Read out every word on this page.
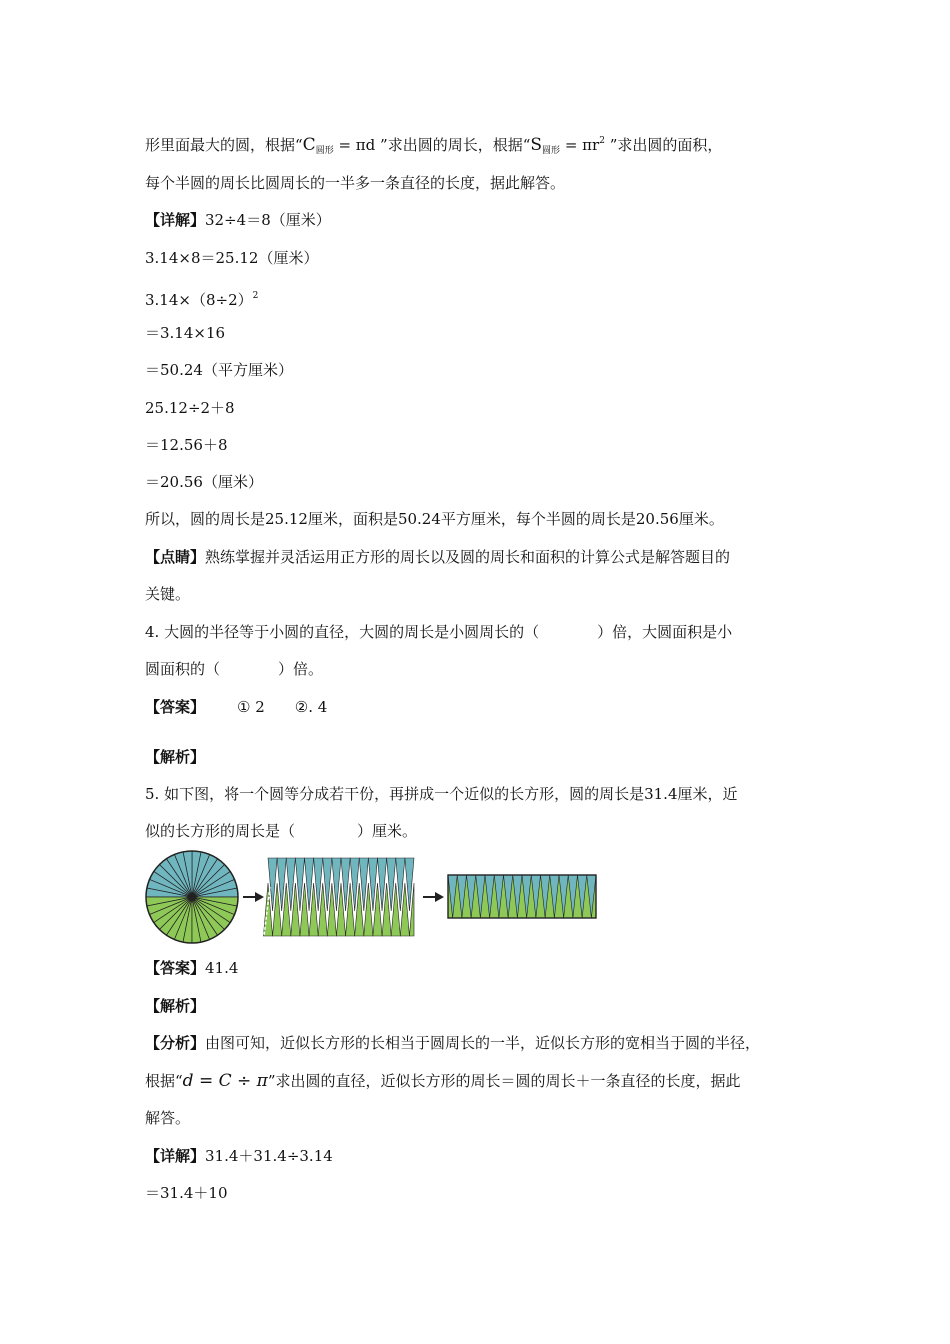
形里面最大的圆，根据“$C_{圆形} = \pi d$ ”求出圆的周长，根据“$S_{圆形} = \pi r^2$ ”求出圆的面积，
每个半圆的周长比圆周长的一半多一条直径的长度，据此解答。
【详解】32÷4＝8（厘米）
3.14×8＝25.12（厘米）
$3.14\times(8\div 2)^2$
＝3.14×16
＝50.24（平方厘米）
25.12÷2＋8
＝12.56＋8
＝20.56（厘米）
所以，圆的周长是25.12厘米，面积是50.24平方厘米，每个半圆的周长是20.56厘米。
【点睛】熟练掌握并灵活运用正方形的周长以及圆的周长和面积的计算公式是解答题目的
关键。
4. 大圆的半径等于小圆的直径，大圆的周长是小圆周长的（	）倍，大圆面积是小
圆面积的（	）倍。
【答案】 ① 2 ②. 4
【解析】
5. 如下图，将一个圆等分成若干份，再拼成一个近似的长方形，圆的周长是31.4厘米，近
似的长方形的周长是（	）厘米。
【答案】41.4
【解析】
【分析】由图可知，近似长方形的长相当于圆周长的一半，近似长方形的宽相当于圆的半径，
根据“d = C ÷ π”求出圆的直径，近似长方形的周长＝圆的周长＋一条直径的长度，据此
解答。
【详解】31.4＋31.4÷3.14
＝31.4＋10
